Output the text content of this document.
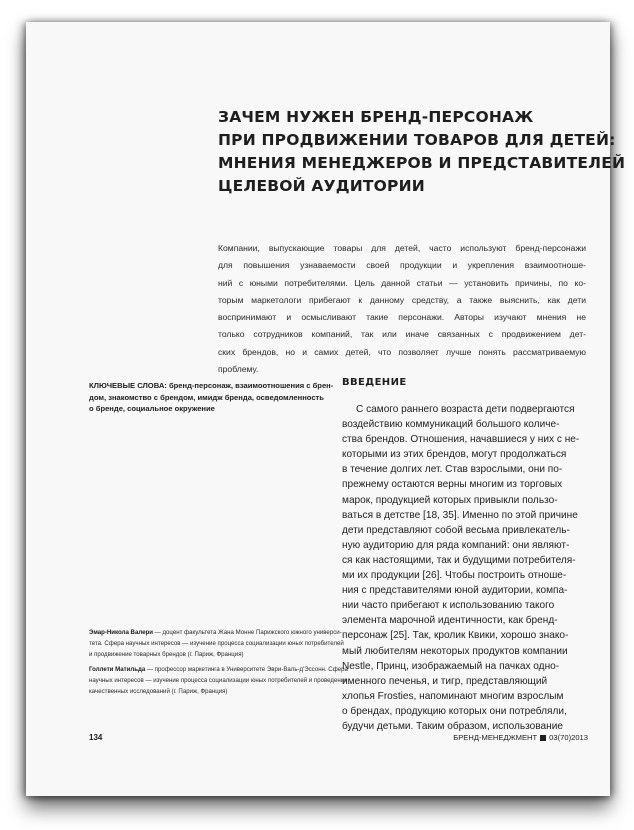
ЗАЧЕМ НУЖЕН БРЕНД-ПЕРСОНАЖ
ПРИ ПРОДВИЖЕНИИ ТОВАРОВ ДЛЯ ДЕТЕЙ:
МНЕНИЯ МЕНЕДЖЕРОВ И ПРЕДСТАВИТЕЛЕЙ
ЦЕЛЕВОЙ АУДИТОРИИ
Компании, выпускающие товары для детей, часто используют бренд-персонажи
для повышения узнаваемости своей продукции и укрепления взаимоотноше-
ний с юными потребителями. Цель данной статьи — установить причины, по ко-
торым маркетологи прибегают к данному средству, а также выяснить, как дети
воспринимают и осмысливают такие персонажи. Авторы изучают мнения не
только сотрудников компаний, так или иначе связанных с продвижением дет-
ских брендов, но и самих детей, что позволяет лучше понять рассматриваемую
проблему.
КЛЮЧЕВЫЕ СЛОВА: бренд-персонаж, взаимоотношения с брен-
дом, знакомство с брендом, имидж бренда, осведомленность
о бренде, социальное окружение
ВВЕДЕНИЕ
С самого раннего возраста дети подвергаются
воздействию коммуникаций большого количе-
ства брендов. Отношения, начавшиеся у них с не-
которыми из этих брендов, могут продолжаться
в течение долгих лет. Став взрослыми, они по-
прежнему остаются верны многим из торговых
марок, продукцией которых привыкли пользо-
ваться в детстве [18, 35]. Именно по этой причине
дети представляют собой весьма привлекатель-
ную аудиторию для ряда компаний: они являют-
ся как настоящими, так и будущими потребителя-
ми их продукции [26]. Чтобы построить отноше-
ния с представителями юной аудитории, компа-
нии часто прибегают к использованию такого
элемента марочной идентичности, как бренд-
персонаж [25]. Так, кролик Квики, хорошо знако-
мый любителям некоторых продуктов компании
Nestle, Принц, изображаемый на пачках одно-
именного печенья, и тигр, представляющий
хлопья Frosties, напоминают многим взрослым
о брендах, продукцию которых они потребляли,
будучи детьми. Таким образом, использование
Эмар-Никола Валери — доцент факультета Жана Монне Парижского южного универси-
тета. Сфера научных интересов — изучение процесса социализации юных потребителей
и продвижение товарных брендов (г. Париж, Франция)
Голлети Матильда — профессор маркетинга в Университете Эври-Валь-д'Эссонн. Сфера
научных интересов — изучение процесса социализации юных потребителей и проведение
качественных исследований (г. Париж, Франция)
134	БРЕНД-МЕНЕДЖМЕНТ 03(70)2013
